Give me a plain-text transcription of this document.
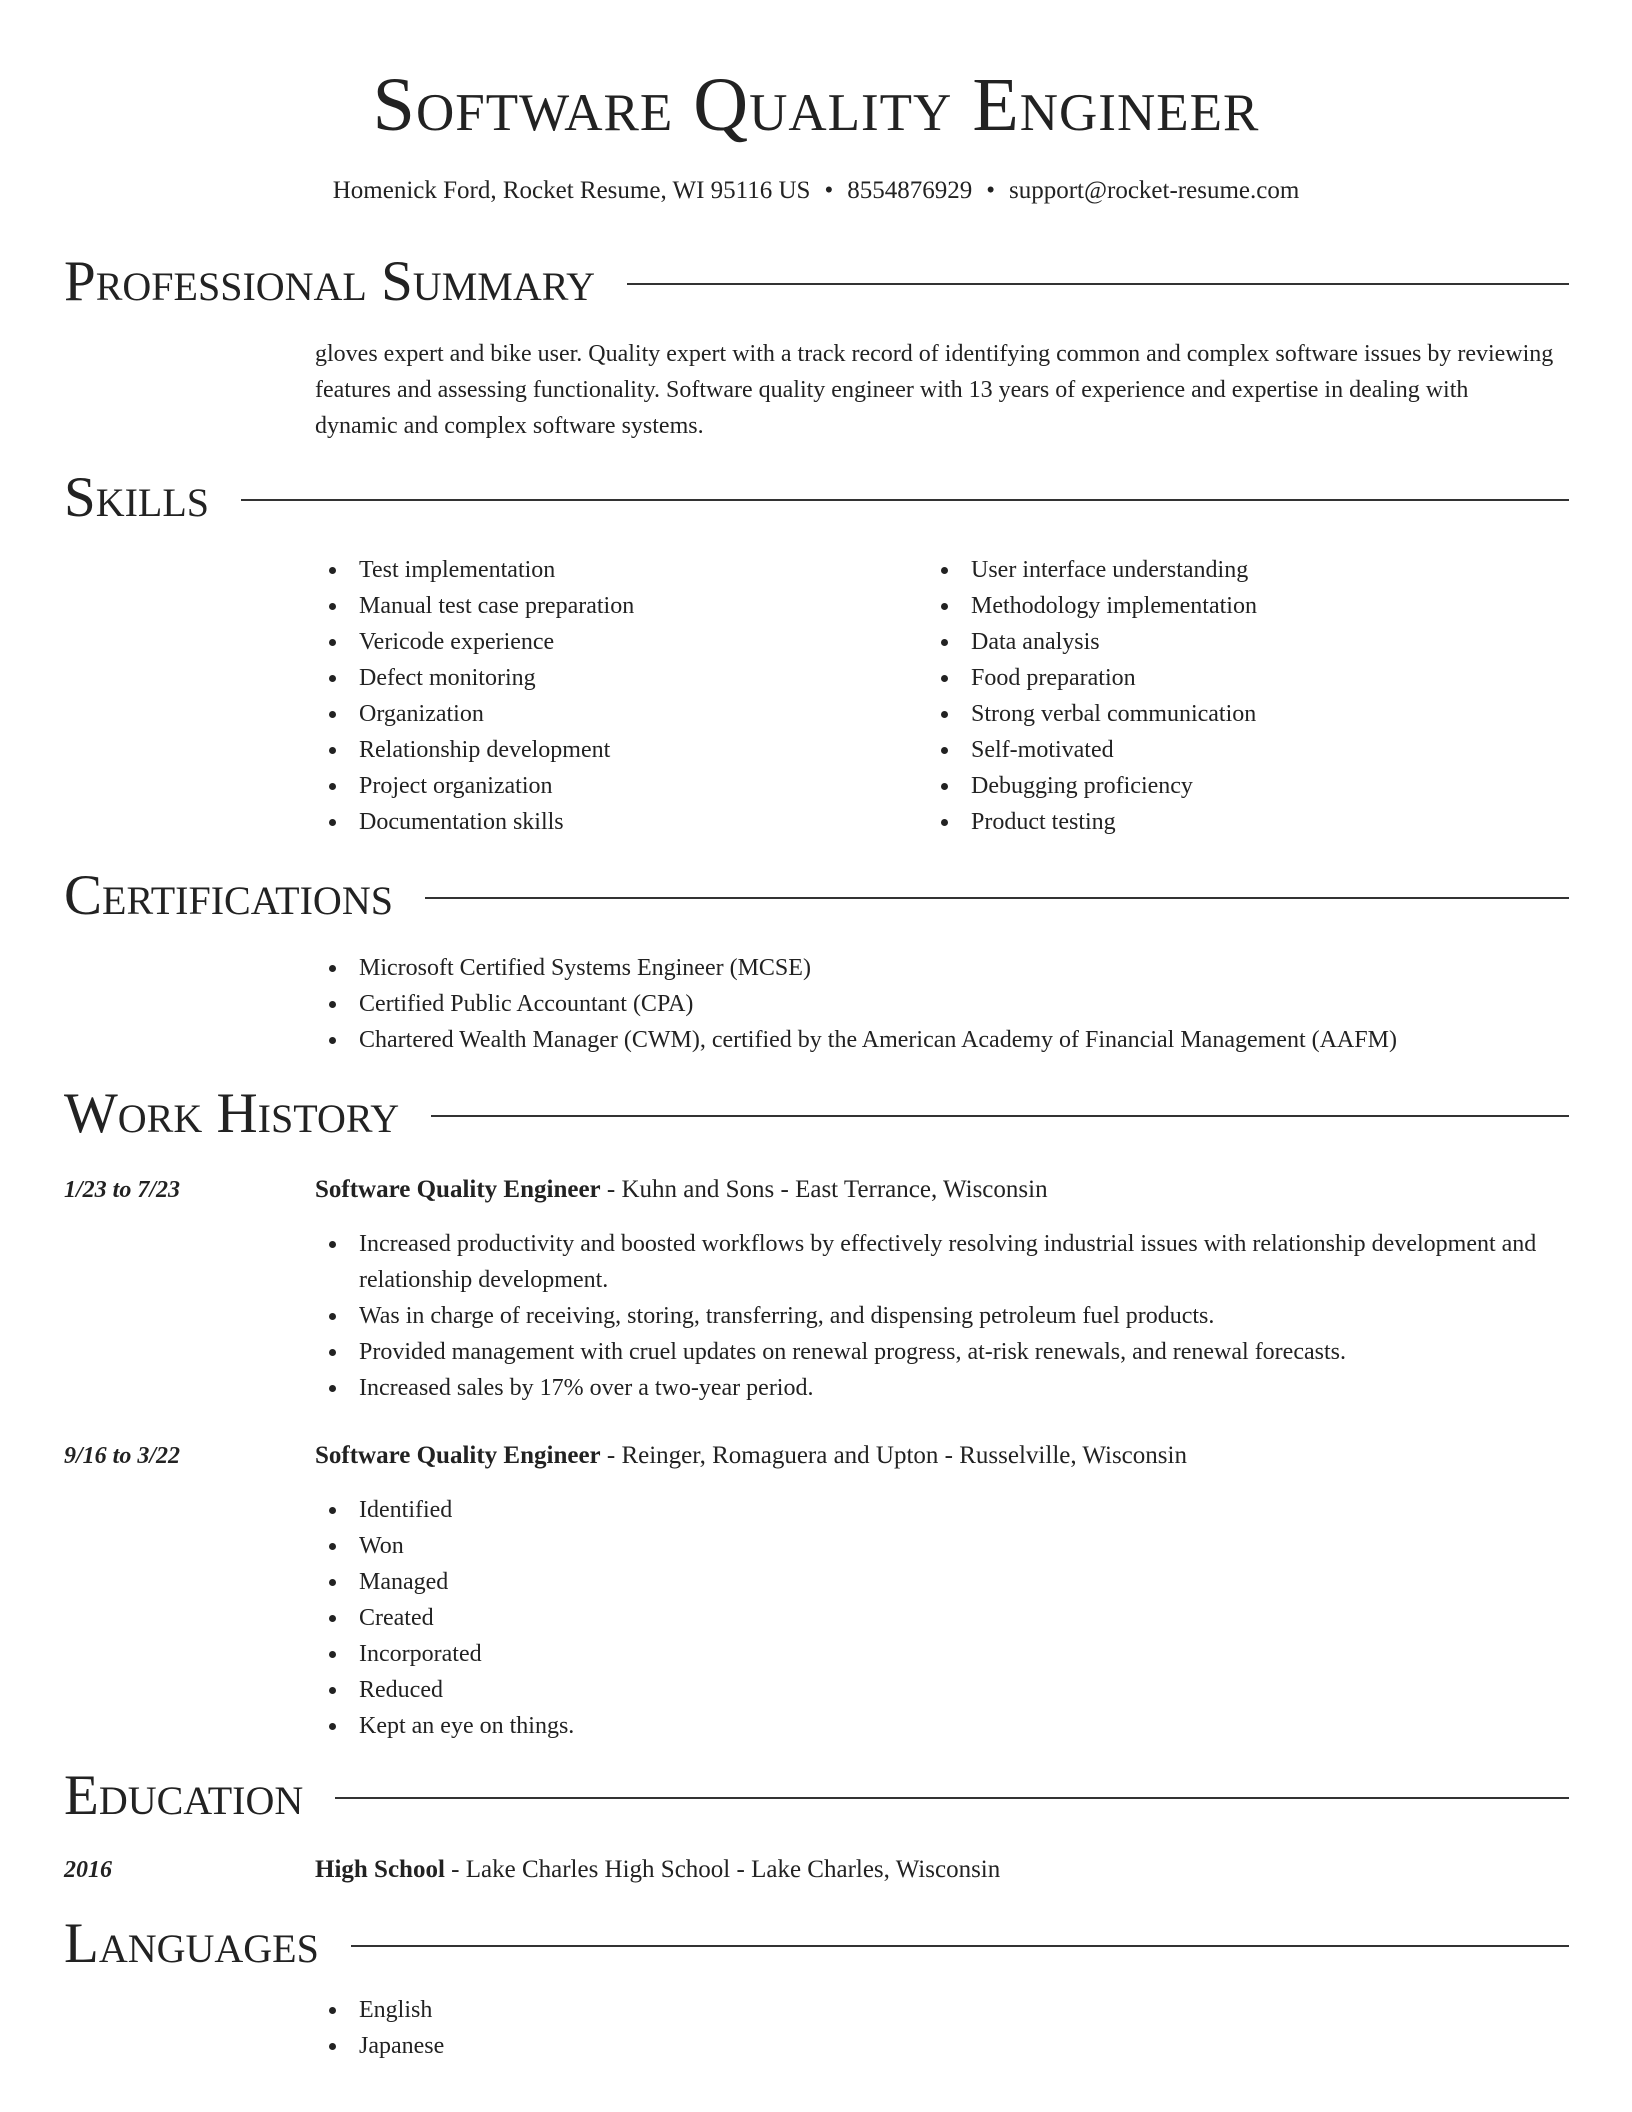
Software Quality Engineer
Homenick Ford, Rocket Resume, WI 95116 US • 8554876929 • support@rocket-resume.com
Professional Summary
gloves expert and bike user. Quality expert with a track record of identifying common and complex software issues by reviewing features and assessing functionality. Software quality engineer with 13 years of experience and expertise in dealing with dynamic and complex software systems.
Skills
Test implementation
Manual test case preparation
Vericode experience
Defect monitoring
Organization
Relationship development
Project organization
Documentation skills
User interface understanding
Methodology implementation
Data analysis
Food preparation
Strong verbal communication
Self-motivated
Debugging proficiency
Product testing
Certifications
Microsoft Certified Systems Engineer (MCSE)
Certified Public Accountant (CPA)
Chartered Wealth Manager (CWM), certified by the American Academy of Financial Management (AAFM)
Work History
1/23 to 7/23	Software Quality Engineer - Kuhn and Sons - East Terrance, Wisconsin
Increased productivity and boosted workflows by effectively resolving industrial issues with relationship development and relationship development.
Was in charge of receiving, storing, transferring, and dispensing petroleum fuel products.
Provided management with cruel updates on renewal progress, at-risk renewals, and renewal forecasts.
Increased sales by 17% over a two-year period.
9/16 to 3/22	Software Quality Engineer - Reinger, Romaguera and Upton - Russelville, Wisconsin
Identified
Won
Managed
Created
Incorporated
Reduced
Kept an eye on things.
Education
2016	High School - Lake Charles High School - Lake Charles, Wisconsin
Languages
English
Japanese
